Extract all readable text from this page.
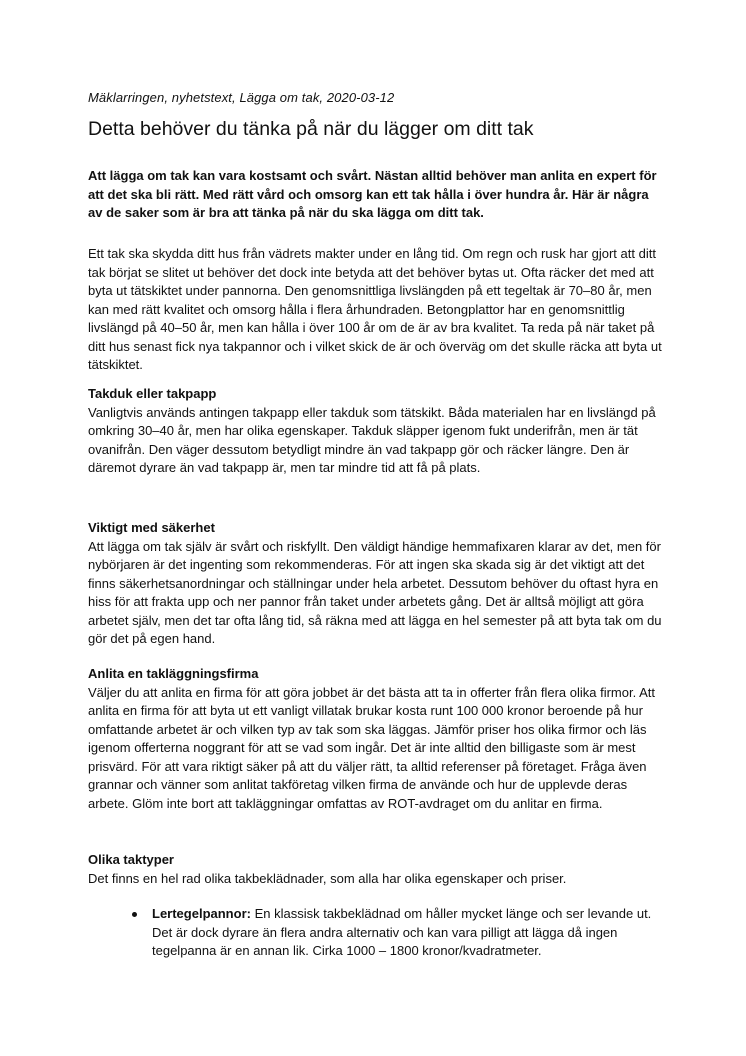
Mäklarringen, nyhetstext, Lägga om tak, 2020-03-12
Detta behöver du tänka på när du lägger om ditt tak

Att lägga om tak kan vara kostsamt och svårt. Nästan alltid behöver man anlita en expert för att det ska bli rätt. Med rätt vård och omsorg kan ett tak hålla i över hundra år. Här är några av de saker som är bra att tänka på när du ska lägga om ditt tak.

Ett tak ska skydda ditt hus från vädrets makter under en lång tid. Om regn och rusk har gjort att ditt tak börjat se slitet ut behöver det dock inte betyda att det behöver bytas ut. Ofta räcker det med att byta ut tätskiktet under pannorna. Den genomsnittliga livslängden på ett tegeltak är 70–80 år, men kan med rätt kvalitet och omsorg hålla i flera århundraden. Betongplattor har en genomsnittlig livslängd på 40–50 år, men kan hålla i över 100 år om de är av bra kvalitet. Ta reda på när taket på ditt hus senast fick nya takpannor och i vilket skick de är och överväg om det skulle räcka att byta ut tätskiktet.

Takduk eller takpapp
Vanligtvis används antingen takpapp eller takduk som tätskikt. Båda materialen har en livslängd på omkring 30–40 år, men har olika egenskaper. Takduk släpper igenom fukt underifrån, men är tät ovanifrån. Den väger dessutom betydligt mindre än vad takpapp gör och räcker längre. Den är däremot dyrare än vad takpapp är, men tar mindre tid att få på plats.
Viktigt med säkerhet
Att lägga om tak själv är svårt och riskfyllt. Den väldigt händige hemmafixaren klarar av det, men för nybörjaren är det ingenting som rekommenderas. För att ingen ska skada sig är det viktigt att det finns säkerhetsanordningar och ställningar under hela arbetet. Dessutom behöver du oftast hyra en hiss för att frakta upp och ner pannor från taket under arbetets gång. Det är alltså möjligt att göra arbetet själv, men det tar ofta lång tid, så räkna med att lägga en hel semester på att byta tak om du gör det på egen hand.
Anlita en takläggningsfirma
Väljer du att anlita en firma för att göra jobbet är det bästa att ta in offerter från flera olika firmor. Att anlita en firma för att byta ut ett vanligt villatak brukar kosta runt 100 000 kronor beroende på hur omfattande arbetet är och vilken typ av tak som ska läggas. Jämför priser hos olika firmor och läs igenom offerterna noggrant för att se vad som ingår. Det är inte alltid den billigaste som är mest prisvärd. För att vara riktigt säker på att du väljer rätt, ta alltid referenser på företaget. Fråga även grannar och vänner som anlitat takföretag vilken firma de använde och hur de upplevde deras arbete. Glöm inte bort att takläggningar omfattas av ROT-avdraget om du anlitar en firma.
Olika taktyper
Det finns en hel rad olika takbeklädnader, som alla har olika egenskaper och priser.
Lertegelpannor: En klassisk takbeklädnad om håller mycket länge och ser levande ut. Det är dock dyrare än flera andra alternativ och kan vara pilligt att lägga då ingen tegelpanna är en annan lik. Cirka 1000 – 1800 kronor/kvadratmeter.
